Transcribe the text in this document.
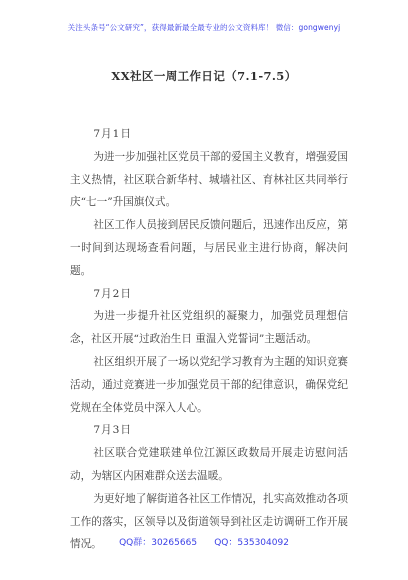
关注头条号“公文研究”，获得最新最全最专业的公文资料库！ 微信：gongwenyj
XX社区一周工作日记（7.1-7.5）

7月1日

为进一步加强社区党员干部的爱国主义教育，增强爱国主义热情，社区联合新华村、城墙社区、育林社区共同举行庆“七一”升国旗仪式。

社区工作人员接到居民反馈问题后，迅速作出反应，第一时间到达现场查看问题，与居民业主进行协商，解决问题。

7月2日

为进一步提升社区党组织的凝聚力，加强党员理想信念，社区开展“过政治生日 重温入党誓词”主题活动。

社区组织开展了一场以党纪学习教育为主题的知识竞赛活动，通过竞赛进一步加强党员干部的纪律意识，确保党纪党规在全体党员中深入人心。

7月3日

社区联合党建联建单位江源区政数局开展走访慰问活动，为辖区内困难群众送去温暖。

为更好地了解街道各社区工作情况，扎实高效推动各项工作的落实，区领导以及街道领导到社区走访调研工作开展情况。	QQ群：30265665 QQ：535304092
